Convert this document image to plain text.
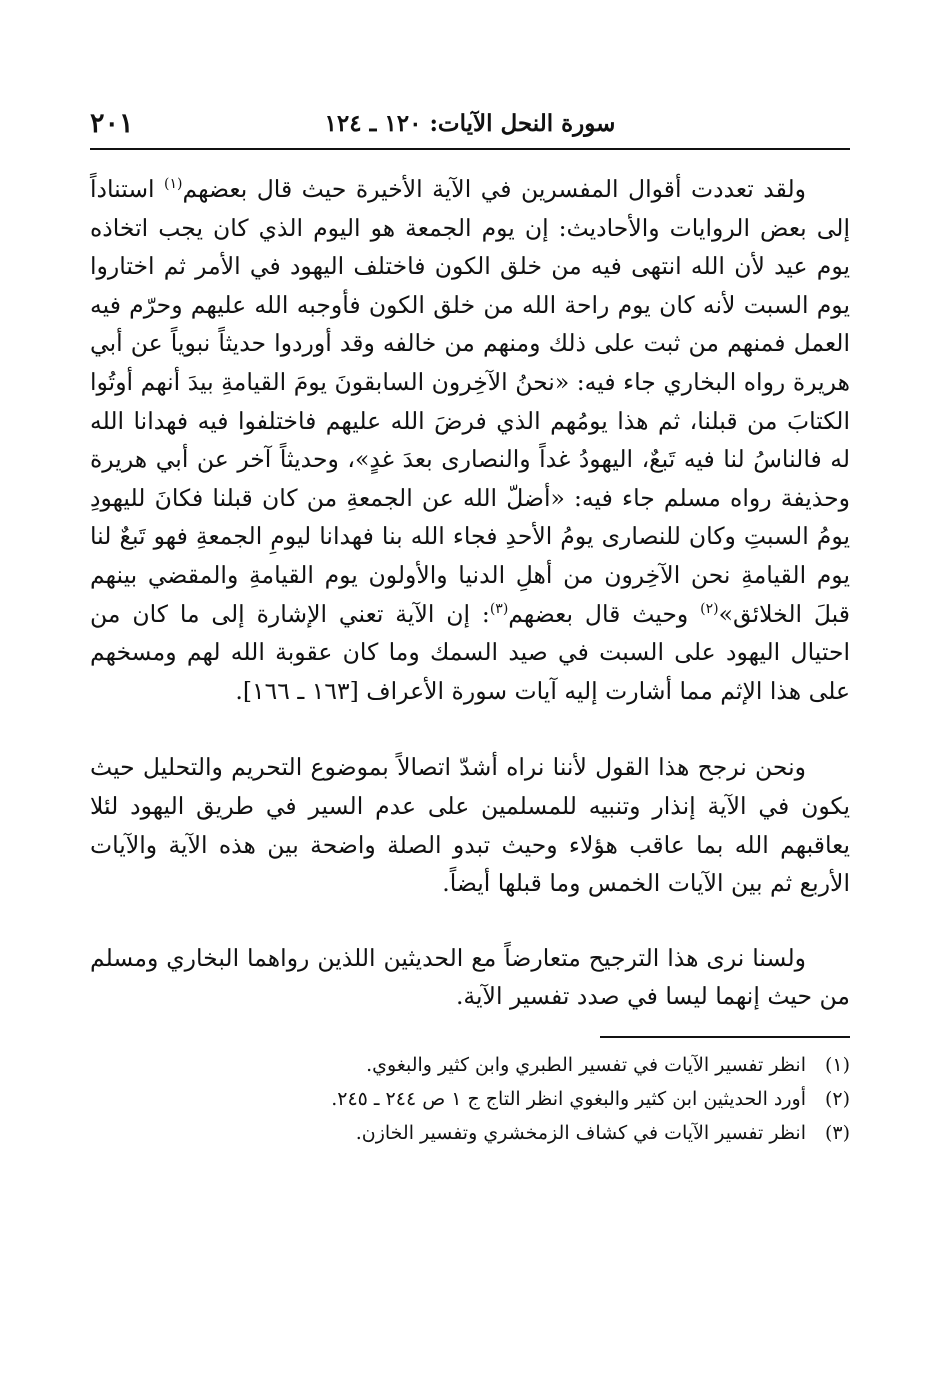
٢٠١	سورة النحل الآيات: ١٢٠ ـ ١٢٤

ولقد تعددت أقوال المفسرين في الآية الأخيرة حيث قال بعضهم$^{(١)}$ استناداً إلى بعض الروايات والأحاديث: إن يوم الجمعة هو اليوم الذي كان يجب اتخاذه يوم عيد لأن الله انتهى فيه من خلق الكون فاختلف اليهود في الأمر ثم اختاروا يوم السبت لأنه كان يوم راحة الله من خلق الكون فأوجبه الله عليهم وحرّم فيه العمل فمنهم من ثبت على ذلك ومنهم من خالفه وقد أوردوا حديثاً نبوياً عن أبي هريرة رواه البخاري جاء فيه: «نحنُ الآخِرون السابقونَ يومَ القيامةِ بيدَ أنهم أوتُوا الكتابَ من قبلنا، ثم هذا يومُهم الذي فرضَ الله عليهم فاختلفوا فيه فهدانا الله له فالناسُ لنا فيه تَبعٌ، اليهودُ غداً والنصارى بعدَ غدٍ»، وحديثاً آخر عن أبي هريرة وحذيفة رواه مسلم جاء فيه: «أضلّ الله عن الجمعةِ من كان قبلنا فكانَ لليهودِ يومُ السبتِ وكان للنصارى يومُ الأحدِ فجاء الله بنا فهدانا ليومِ الجمعةِ فهو تَبعٌ لنا يوم القيامةِ نحن الآخِرون من أهلِ الدنيا والأولون يوم القيامةِ والمقضي بينهم قبلَ الخلائق»$^{(٢)}$ وحيث قال بعضهم$^{(٣)}$: إن الآية تعني الإشارة إلى ما كان من احتيال اليهود على السبت في صيد السمك وما كان عقوبة الله لهم ومسخهم على هذا الإثم مما أشارت إليه آيات سورة الأعراف [١٦٣ ـ ١٦٦].

ونحن نرجح هذا القول لأننا نراه أشدّ اتصالاً بموضوع التحريم والتحليل حيث يكون في الآية إنذار وتنبيه للمسلمين على عدم السير في طريق اليهود لئلا يعاقبهم الله بما عاقب هؤلاء وحيث تبدو الصلة واضحة بين هذه الآية والآيات الأربع ثم بين الآيات الخمس وما قبلها أيضاً.

ولسنا نرى هذا الترجيح متعارضاً مع الحديثين اللذين رواهما البخاري ومسلم من حيث إنهما ليسا في صدد تفسير الآية.

(١)انظر تفسير الآيات في تفسير الطبري وابن كثير والبغوي.

(٢)أورد الحديثين ابن كثير والبغوي انظر التاج ج ١ ص ٢٤٤ ـ ٢٤٥.

(٣)انظر تفسير الآيات في كشاف الزمخشري وتفسير الخازن.
